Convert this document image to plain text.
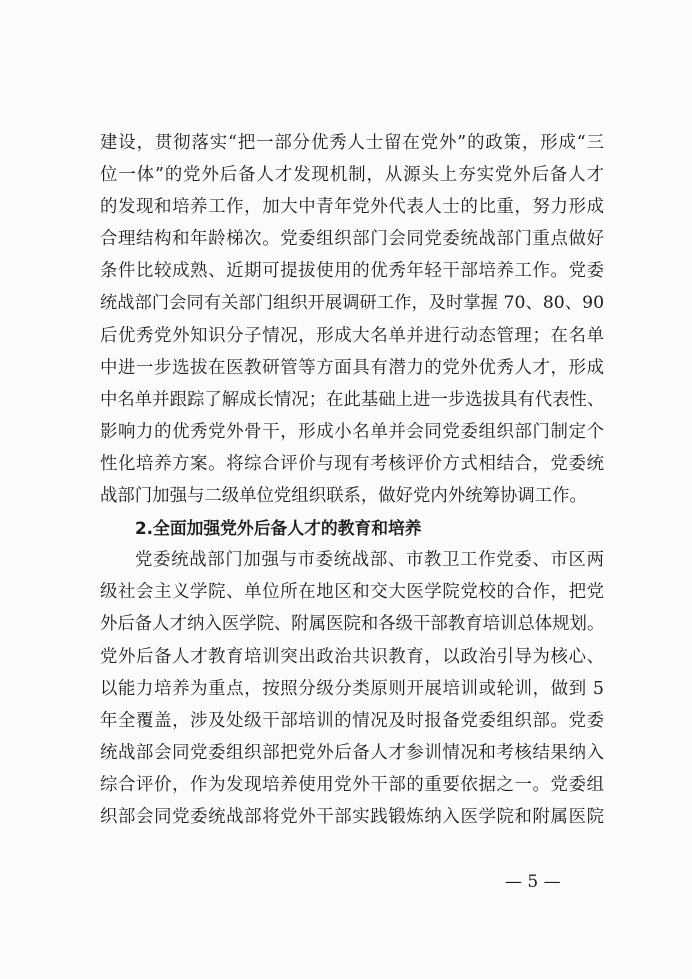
建设，贯彻落实“把一部分优秀人士留在党外”的政策，形成“三
位一体”的党外后备人才发现机制，从源头上夯实党外后备人才
的发现和培养工作，加大中青年党外代表人士的比重，努力形成
合理结构和年龄梯次。党委组织部门会同党委统战部门重点做好
条件比较成熟、近期可提拔使用的优秀年轻干部培养工作。党委
统战部门会同有关部门组织开展调研工作，及时掌握 70、80、90
后优秀党外知识分子情况，形成大名单并进行动态管理；在名单
中进一步选拔在医教研管等方面具有潜力的党外优秀人才，形成
中名单并跟踪了解成长情况；在此基础上进一步选拔具有代表性、
影响力的优秀党外骨干，形成小名单并会同党委组织部门制定个
性化培养方案。将综合评价与现有考核评价方式相结合，党委统
战部门加强与二级单位党组织联系，做好党内外统筹协调工作。
2.全面加强党外后备人才的教育和培养
党委统战部门加强与市委统战部、市教卫工作党委、市区两
级社会主义学院、单位所在地区和交大医学院党校的合作，把党
外后备人才纳入医学院、附属医院和各级干部教育培训总体规划。
党外后备人才教育培训突出政治共识教育，以政治引导为核心、
以能力培养为重点，按照分级分类原则开展培训或轮训，做到 5
年全覆盖，涉及处级干部培训的情况及时报备党委组织部。党委
统战部会同党委组织部把党外后备人才参训情况和考核结果纳入
综合评价，作为发现培养使用党外干部的重要依据之一。党委组
织部会同党委统战部将党外干部实践锻炼纳入医学院和附属医院
— 5 —
